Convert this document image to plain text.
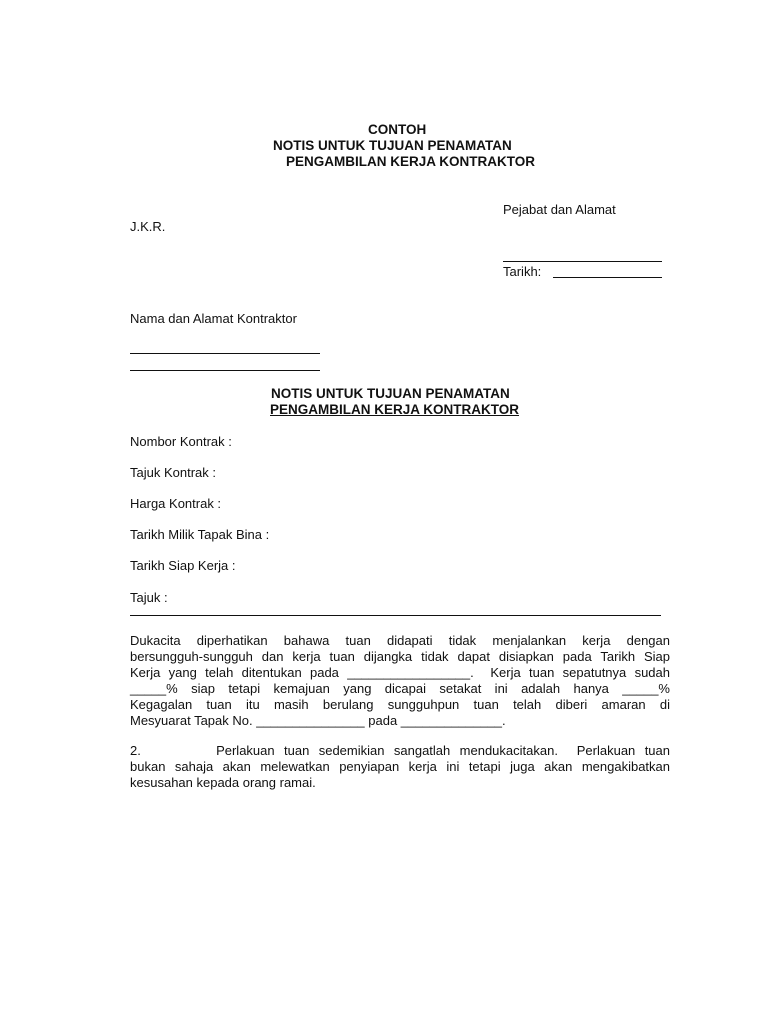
CONTOH
NOTIS UNTUK TUJUAN PENAMATAN
PENGAMBILAN KERJA KONTRAKTOR
Pejabat dan Alamat
J.K.R.
Tarikh:
Nama dan Alamat Kontraktor
NOTIS UNTUK TUJUAN PENAMATAN
PENGAMBILAN KERJA KONTRAKTOR
Nombor Kontrak :
Tajuk Kontrak :
Harga Kontrak :
Tarikh Milik Tapak Bina :
Tarikh Siap Kerja :
Tajuk :
Dukacita diperhatikan bahawa tuan didapati tidak menjalankan kerja dengan
bersungguh-sungguh dan kerja tuan dijangka tidak dapat disiapkan pada Tarikh Siap
Kerja yang telah ditentukan pada _________________.  Kerja tuan sepatutnya sudah
_____% siap tetapi kemajuan yang dicapai setakat ini adalah hanya _____%
Kegagalan tuan itu masih berulang sungguhpun tuan telah diberi amaran di
Mesyuarat Tapak No. _______________ pada ______________.
2.        Perlakuan tuan sedemikian sangatlah mendukacitakan.  Perlakuan tuan
bukan sahaja akan melewatkan penyiapan kerja ini tetapi juga akan mengakibatkan
kesusahan kepada orang ramai.
